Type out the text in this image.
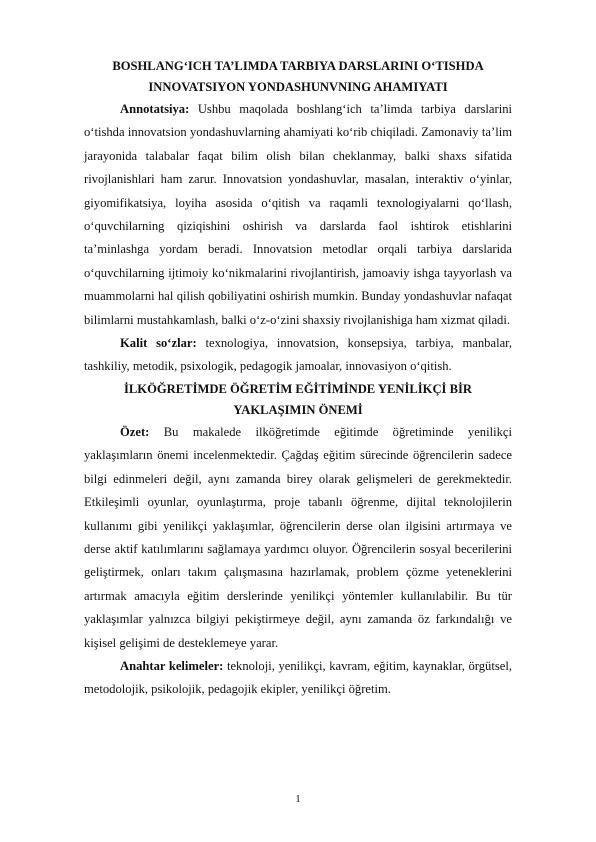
BOSHLANG‘ICH TA’LIMDA TARBIYA DARSLARINI O‘TISHDA INNOVATSIYON YONDASHUNVNING AHAMIYATI

Annotatsiya: Ushbu maqolada boshlang‘ich ta’limda tarbiya darslarini o‘tishda innovatsion yondashuvlarning ahamiyati ko‘rib chiqiladi. Zamonaviy ta’lim jarayonida talabalar faqat bilim olish bilan cheklanmay, balki shaxs sifatida rivojlanishlari ham zarur. Innovatsion yondashuvlar, masalan, interaktiv o‘yinlar, giyomifikatsiya, loyiha asosida o‘qitish va raqamli texnologiyalarni qo‘llash, o‘quvchilarning qiziqishini oshirish va darslarda faol ishtirok etishlarini ta’minlashga yordam beradi. Innovatsion metodlar orqali tarbiya darslarida o‘quvchilarning ijtimoiy ko‘nikmalarini rivojlantirish, jamoaviy ishga tayyorlash va muammolarni hal qilish qobiliyatini oshirish mumkin. Bunday yondashuvlar nafaqat bilimlarni mustahkamlash, balki o‘z-o‘zini shaxsiy rivojlanishiga ham xizmat qiladi.

Kalit so‘zlar: texnologiya, innovatsion, konsepsiya, tarbiya, manbalar, tashkiliy, metodik, psixologik, pedagogik jamoalar, innovasiyon o‘qitish.

İLKÖĞRETİMDE ÖĞRETİM EĞİTİMİNDE YENİLİKÇİ BİR YAKLAŞIMIN ÖNEMİ

Özet: Bu makalede ilköğretimde eğitimde öğretiminde yenilikçi yaklaşımların önemi incelenmektedir. Çağdaş eğitim sürecinde öğrencilerin sadece bilgi edinmeleri değil, aynı zamanda birey olarak gelişmeleri de gerekmektedir. Etkileşimli oyunlar, oyunlaştırma, proje tabanlı öğrenme, dijital teknolojilerin kullanımı gibi yenilikçi yaklaşımlar, öğrencilerin derse olan ilgisini artırmaya ve derse aktif katılımlarını sağlamaya yardımcı oluyor. Öğrencilerin sosyal becerilerini geliştirmek, onları takım çalışmasına hazırlamak, problem çözme yeteneklerini artırmak amacıyla eğitim derslerinde yenilikçi yöntemler kullanılabilir. Bu tür yaklaşımlar yalnızca bilgiyi pekiştirmeye değil, aynı zamanda öz farkındalığı ve kişisel gelişimi de desteklemeye yarar.

Anahtar kelimeler: teknoloji, yenilikçi, kavram, eğitim, kaynaklar, örgütsel, metodolojik, psikolojik, pedagojik ekipler, yenilikçi öğretim.

1
